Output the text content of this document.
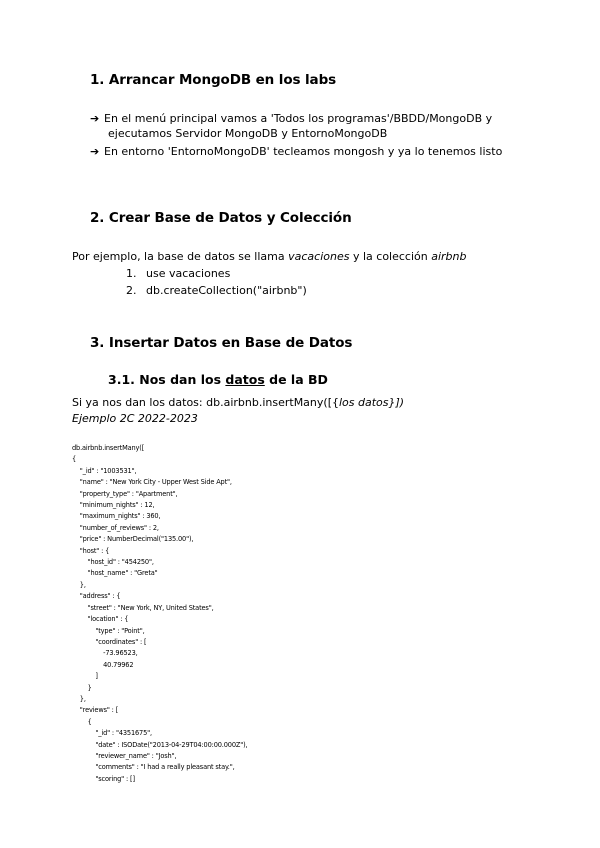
1. Arrancar MongoDB en los labs
➔ En el menú principal vamos a 'Todos los programas'/BBDD/MongoDB y
ejecutamos Servidor MongoDB y EntornoMongoDB
➔ En entorno 'EntornoMongoDB' tecleamos mongosh y ya lo tenemos listo
2. Crear Base de Datos y Colección
Por ejemplo, la base de datos se llama vacaciones y la colección airbnb
1. use vacaciones
2. db.createCollection("airbnb")
3. Insertar Datos en Base de Datos
3.1. Nos dan los datos de la BD
Si ya nos dan los datos: db.airbnb.insertMany([{los datos}])
Ejemplo 2C 2022-2023
db.airbnb.insertMany([
{
"_id" : "1003531",
"name" : "New York City - Upper West Side Apt",
"property_type" : "Apartment",
"minimum_nights" : 12,
"maximum_nights" : 360,
"number_of_reviews" : 2,
"price" : NumberDecimal("135.00"),
"host" : {
"host_id" : "454250",
"host_name" : "Greta"
},
"address" : {
"street" : "New York, NY, United States",
"location" : {
"type" : "Point",
"coordinates" : [
-73.96523,
40.79962
]
}
},
"reviews" : [
{
"_id" : "4351675",
"date" : ISODate("2013-04-29T04:00:00.000Z"),
"reviewer_name" : "Josh",
"comments" : "I had a really pleasant stay.",
"scoring" : []
